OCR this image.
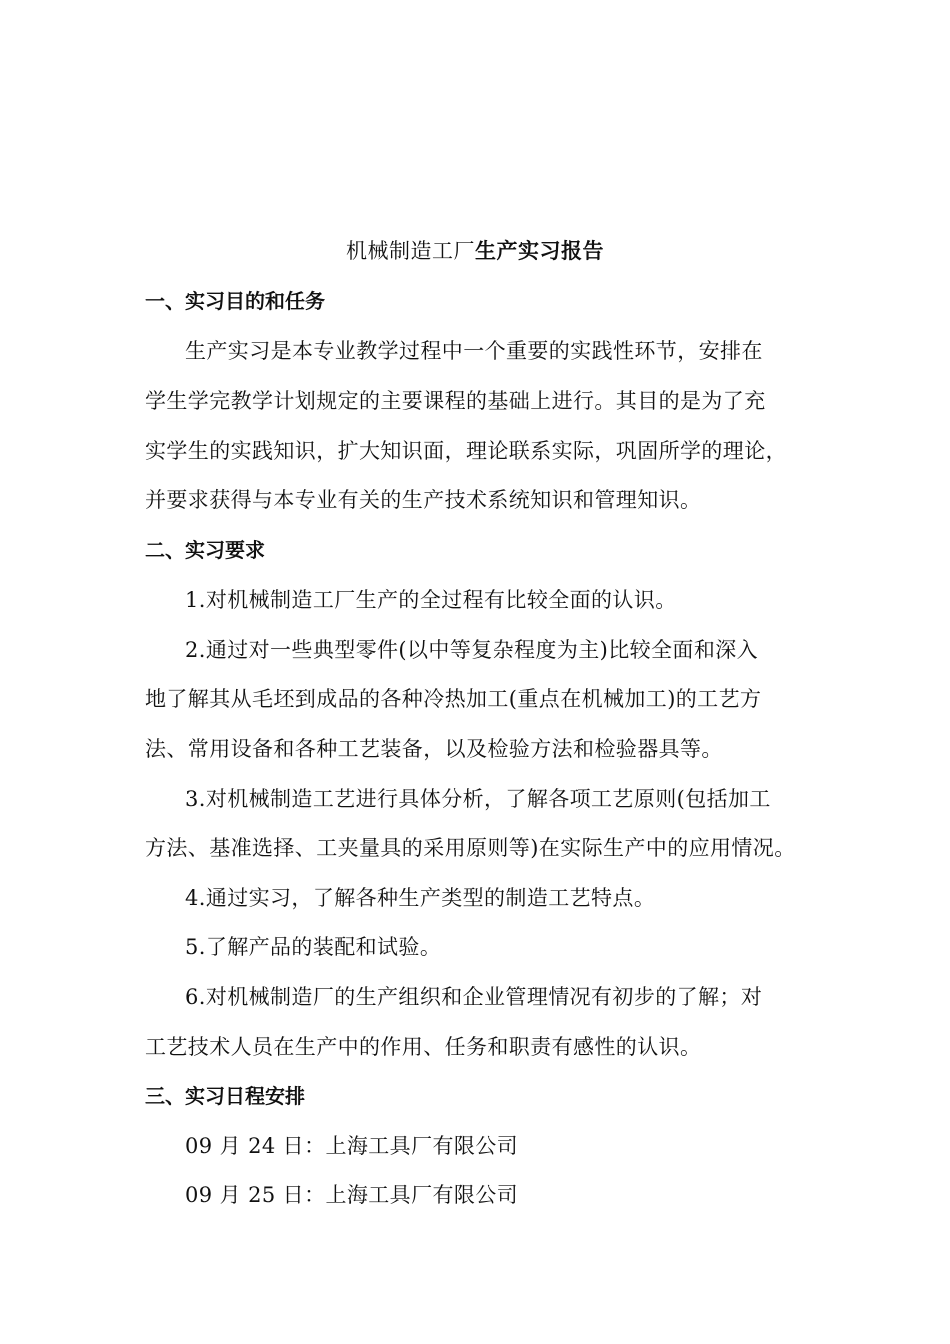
机械制造工厂生产实习报告
一、实习目的和任务
生产实习是本专业教学过程中一个重要的实践性环节，安排在
学生学完教学计划规定的主要课程的基础上进行。其目的是为了充
实学生的实践知识，扩大知识面，理论联系实际，巩固所学的理论，
并要求获得与本专业有关的生产技术系统知识和管理知识。
二、实习要求
1.对机械制造工厂生产的全过程有比较全面的认识。
2.通过对一些典型零件(以中等复杂程度为主)比较全面和深入
地了解其从毛坯到成品的各种冷热加工(重点在机械加工)的工艺方
法、常用设备和各种工艺装备，以及检验方法和检验器具等。
3.对机械制造工艺进行具体分析，了解各项工艺原则(包括加工
方法、基准选择、工夹量具的采用原则等)在实际生产中的应用情况。
4.通过实习，了解各种生产类型的制造工艺特点。
5.了解产品的装配和试验。
6.对机械制造厂的生产组织和企业管理情况有初步的了解；对
工艺技术人员在生产中的作用、任务和职责有感性的认识。
三、实习日程安排
09 月 24 日：上海工具厂有限公司
09 月 25 日：上海工具厂有限公司
